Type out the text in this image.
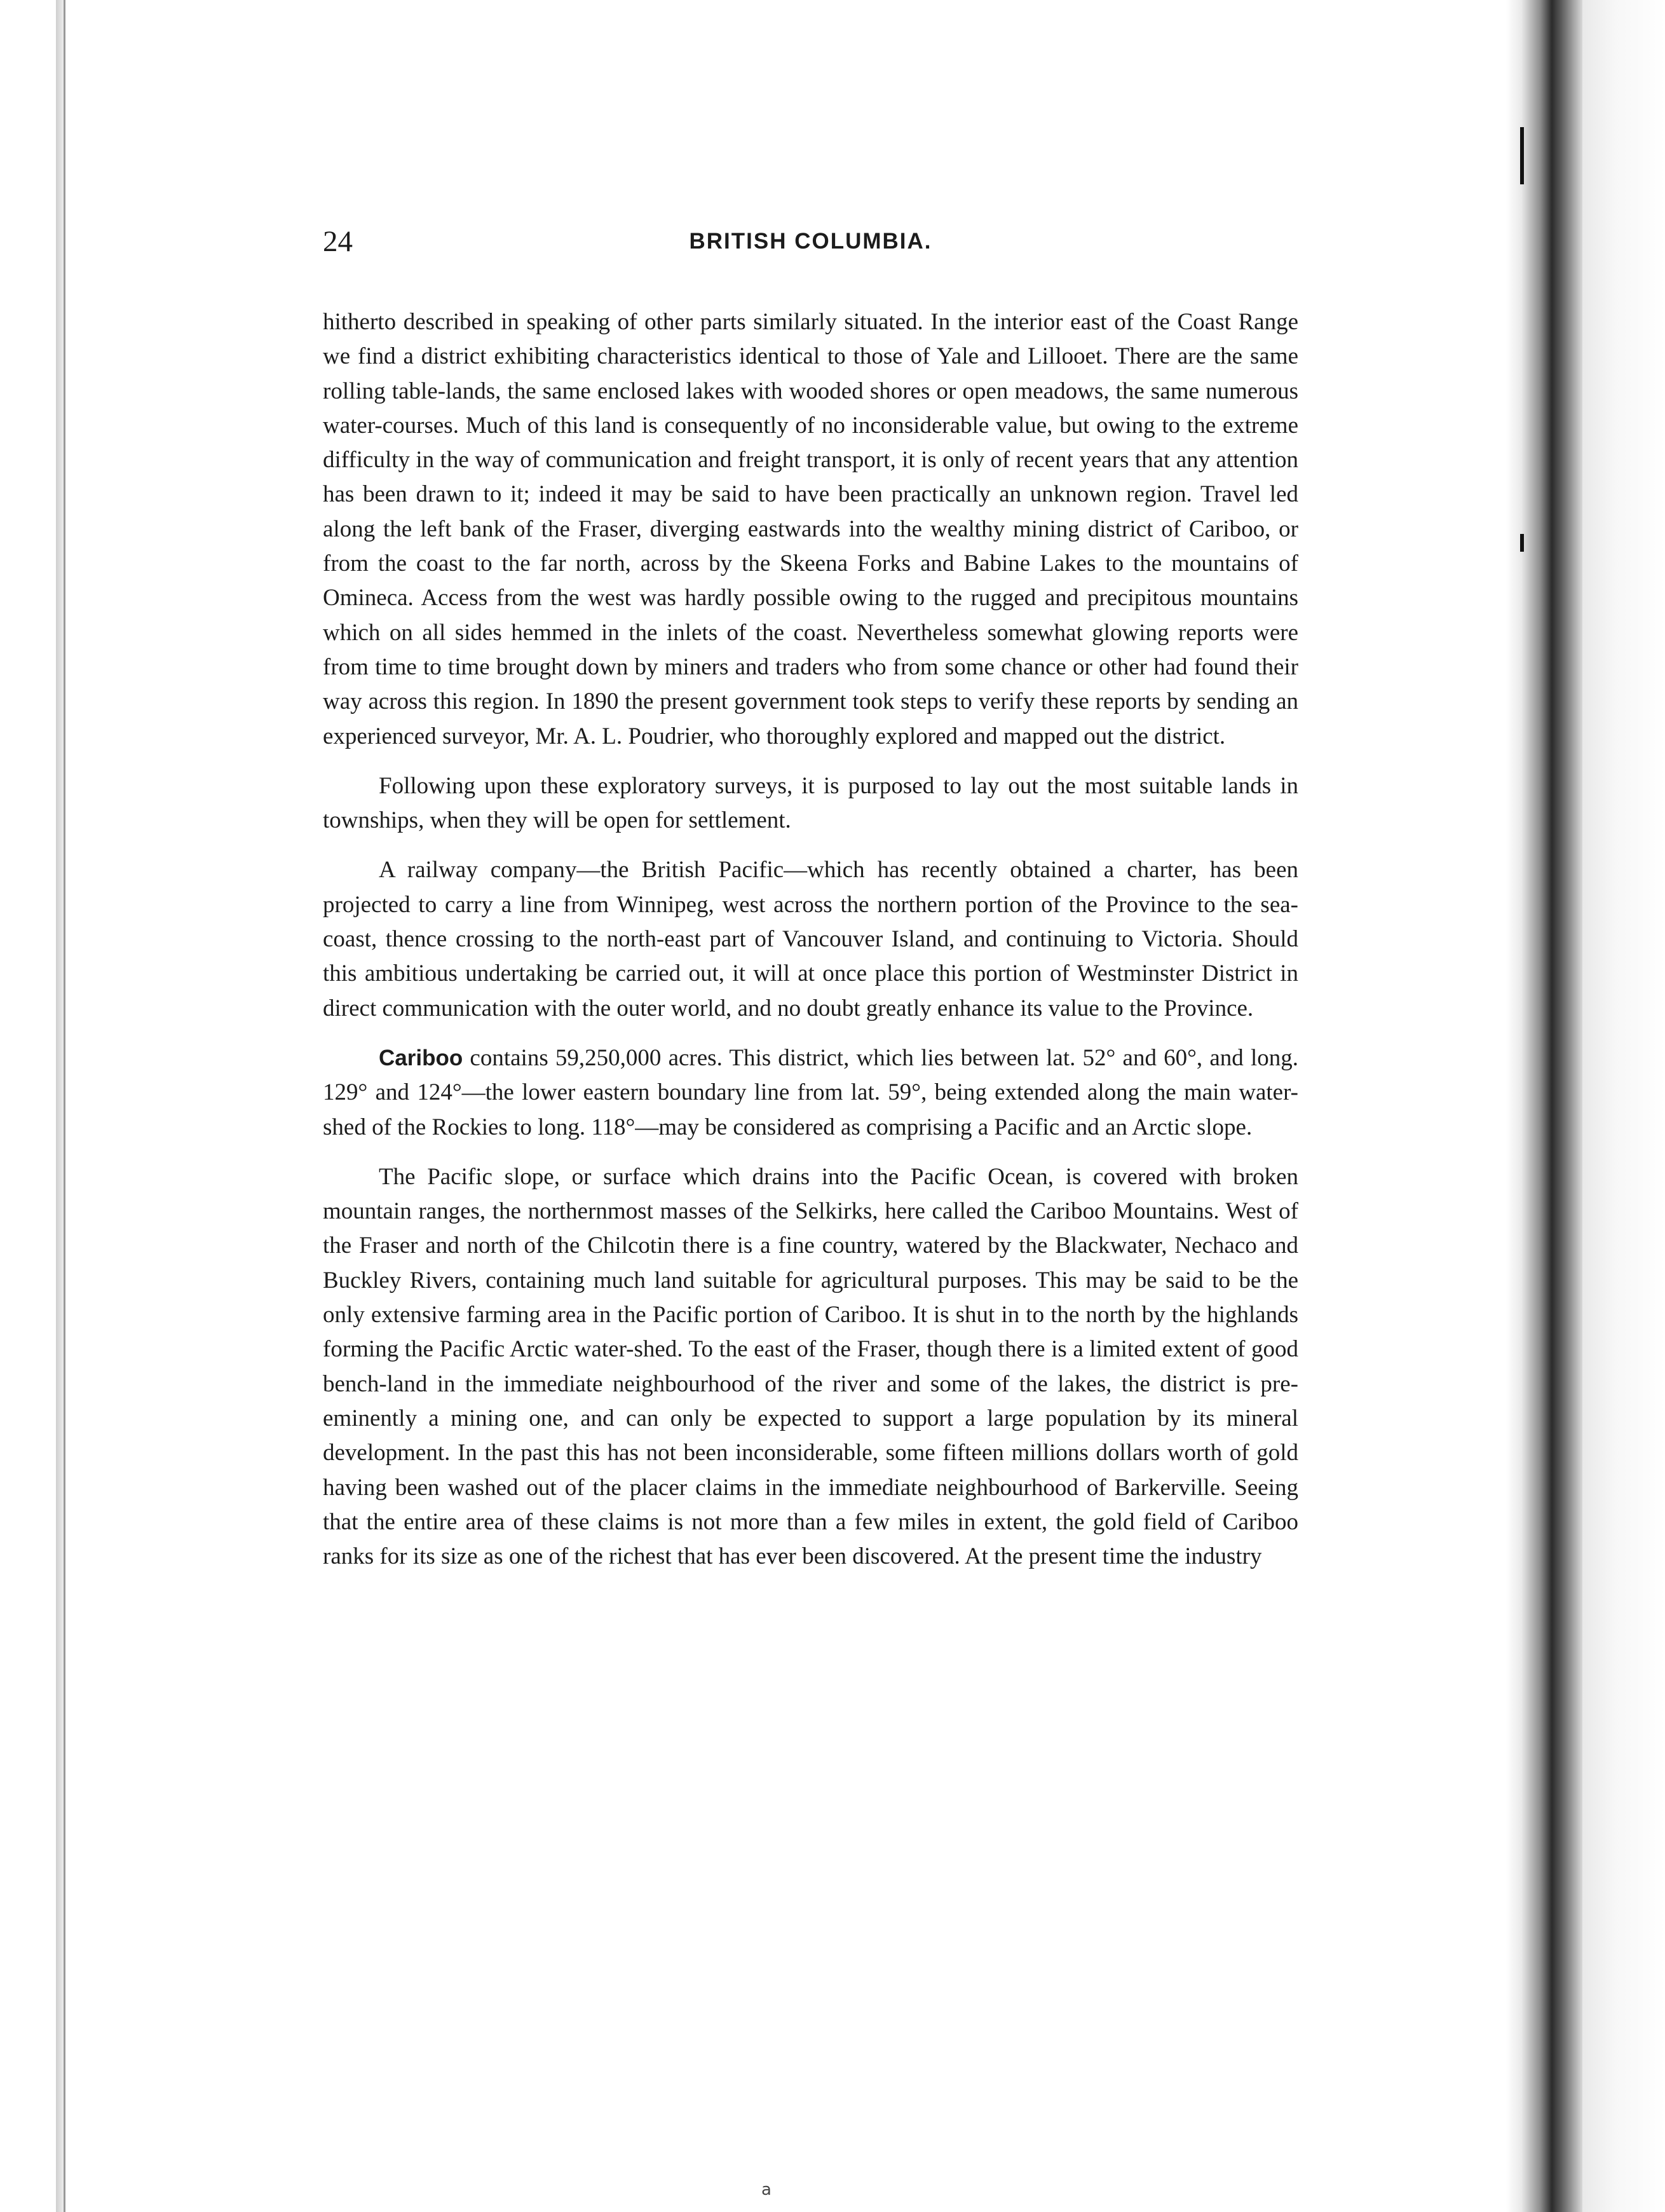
24	BRITISH COLUMBIA.

hitherto described in speaking of other parts similarly situated. In the interior east of the Coast Range we find a district exhibiting characteristics identical to those of Yale and Lillooet. There are the same rolling table-lands, the same enclosed lakes with wooded shores or open meadows, the same numerous water-courses. Much of this land is consequently of no inconsiderable value, but owing to the extreme difficulty in the way of communication and freight transport, it is only of recent years that any attention has been drawn to it; indeed it may be said to have been practically an unknown region. Travel led along the left bank of the Fraser, diverging eastwards into the wealthy mining district of Cariboo, or from the coast to the far north, across by the Skeena Forks and Babine Lakes to the mountains of Omineca. Access from the west was hardly possible owing to the rugged and precipitous mountains which on all sides hemmed in the inlets of the coast. Nevertheless somewhat glowing reports were from time to time brought down by miners and traders who from some chance or other had found their way across this region. In 1890 the present government took steps to verify these reports by sending an experienced surveyor, Mr. A. L. Poudrier, who thoroughly explored and mapped out the district.

Following upon these exploratory surveys, it is purposed to lay out the most suitable lands in townships, when they will be open for settlement.

A railway company—the British Pacific—which has recently obtained a charter, has been projected to carry a line from Winnipeg, west across the northern portion of the Province to the sea-coast, thence crossing to the north-east part of Vancouver Island, and continuing to Victoria. Should this ambitious undertaking be carried out, it will at once place this portion of Westminster District in direct communication with the outer world, and no doubt greatly enhance its value to the Province.

Cariboo contains 59,250,000 acres. This district, which lies between lat. 52° and 60°, and long. 129° and 124°—the lower eastern boundary line from lat. 59°, being extended along the main water-shed of the Rockies to long. 118°—may be considered as comprising a Pacific and an Arctic slope.

The Pacific slope, or surface which drains into the Pacific Ocean, is covered with broken mountain ranges, the northernmost masses of the Selkirks, here called the Cariboo Mountains. West of the Fraser and north of the Chilcotin there is a fine country, watered by the Blackwater, Nechaco and Buckley Rivers, containing much land suitable for agricultural purposes. This may be said to be the only extensive farming area in the Pacific portion of Cariboo. It is shut in to the north by the highlands forming the Pacific Arctic water-shed. To the east of the Fraser, though there is a limited extent of good bench-land in the immediate neighbourhood of the river and some of the lakes, the district is pre-eminently a mining one, and can only be expected to support a large population by its mineral development. In the past this has not been inconsiderable, some fifteen millions dollars worth of gold having been washed out of the placer claims in the immediate neighbourhood of Barkerville. Seeing that the entire area of these claims is not more than a few miles in extent, the gold field of Cariboo ranks for its size as one of the richest that has ever been discovered. At the present time the industry

a
